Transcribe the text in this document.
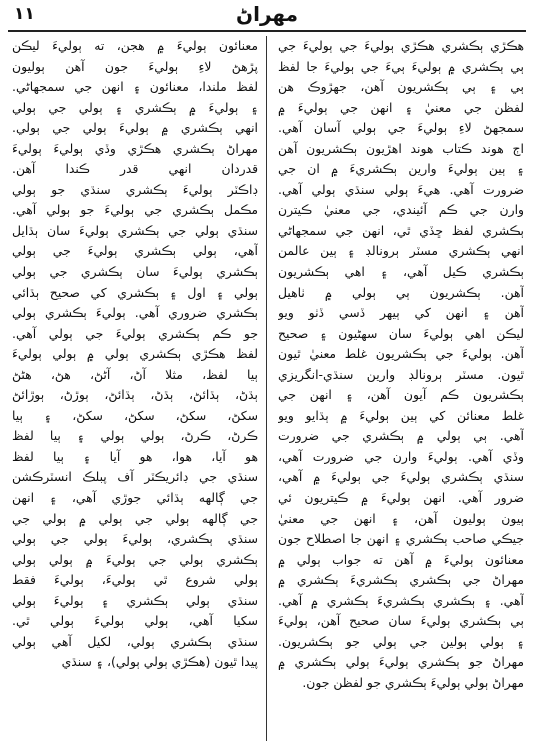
۱۱	مهراڻ
هڪڙي ٻڪشري هڪڙي ٻوليءَ جي ٻوليءَ جي
ٻي ٻڪشري ۾ ٻوليءَ ٻيءَ جي ٻوليءَ جا لفظ
ٻي ۽ ٻي ٻڪشريون آهن، جهڙوڪ هن
لفظن جي معنيٰ ۽ انهن جي ٻوليءَ ۾
سمجهڻ لاءِ ٻوليءَ جي ٻولي آسان آهي.
اڄ هوند ڪتاب هوند اهڙيون ٻڪشريون آهن
۽ ٻين ٻوليءَ وارين ٻڪشريءَ ۾ ان جي
ضرورت آهي. هيءَ ٻولي سنڌي ٻولي آهي.
وارن جي ڪم آئيندي، جي معنيٰ ڪيترن
ٻڪشري لفظ ڇڏي ٿي، انهن جي سمجهاڻي
انهي ٻڪشري مسٽر ٻرونالڊ ۽ ٻين عالمن
ٻڪشري ڪيل آهي، ۽ اهي ٻڪشريون
آهن. ٻڪشريون ٻي ٻولي ۾ ٺاهيل
آهن ۽ انهن کي ٻيهر ڏسي ڏٺو ويو
ليڪن اهي ٻوليءَ سان سهڻيون ۽ صحيح
آهن. ٻوليءَ جي ٻڪشريون غلط معنيٰ ٿيون
ٿيون. مسٽر ٻرونالڊ وارين سنڌي-انگريزي
ٻڪشريون ڪم آيون آهن، ۽ انهن جي
غلط معنائن کي ٻين ٻوليءَ ۾ ٻڌايو ويو
آهي. ٻي ٻولي ۾ ٻڪشري جي ضرورت
وڏي آهي. ٻوليءَ وارن جي ضرورت آهي،
سنڌي ٻڪشري ٻوليءَ جي ٻوليءَ ۾ آهي،
ضرور آهي. انهن ٻوليءَ ۾ ڪيتريون ئي
ٻيون ٻوليون آهن، ۽ انهن جي معنيٰ
جيڪي صاحب ٻڪشري ۽ انهن جا اصطلاح جون
معنائون ٻوليءَ ۾ آهن ته جواب ٻولي ۾
مهراڻ جي ٻڪشري ٻڪشريءَ ٻڪشري ۾
آهي. ۽ ٻڪشري ٻڪشريءَ ٻڪشري ۾ آهي.
ٻي ٻڪشري ٻوليءَ سان صحيح آهن، ٻوليءَ
۽ ٻولي ٻولين جي ٻولي جو ٻڪشريون.
مهراڻ جو ٻڪشري ٻوليءَ ٻولي ٻڪشري ۾
مهراڻ ٻولي ٻوليءَ ٻڪشري جو لفظن جون.
معنائون ٻوليءَ ۾ هجن، ته ٻوليءَ ليڪن
پڙهڻ لاءِ ٻوليءَ جون آهن ٻوليون
لفظ ملندا، معنائون ۽ انهن جي سمجهاڻي.
۽ ٻوليءَ ۾ ٻڪشري ۽ ٻولي جي ٻولي
انهي ٻڪشري ۾ ٻوليءَ ٻولي جي ٻولي.
مهراڻ ٻڪشري هڪڙي وڏي ٻوليءَ ٻوليءَ
قدردان انهي قدر ڪندا آهن.
ڊاڪٽر ٻوليءَ ٻڪشري سنڌي جو ٻولي
مڪمل ٻڪشري جي ٻوليءَ جو ٻولي آهي.
سنڌي ٻولي جي ٻڪشري ٻوليءَ سان ٻڌايل
آهي، ٻولي ٻڪشري ٻوليءَ جي ٻولي
ٻڪشري ٻوليءَ سان ٻڪشري جي ٻولي
ٻولي ۽ اول ۽ ٻڪشري کي صحيح ٻڌائي
ٻڪشري ضروري آهي. ٻوليءَ ٻڪشري ٻولي
جو ڪم ٻڪشري ٻوليءَ جي ٻولي آهي.
لفظ هڪڙي ٻڪشري ٻولي ۾ ٻولي ٻوليءَ
ٻيا لفظ، مثلا آڻ، آڻڻ، هڻ، هڻڻ
ٻڌڻ، ٻڌائڻ، ٻڌڻ، ٻڌائڻ، ٻوڙڻ، ٻوڙائڻ
سکڻ، سکڻ، سکڻ، سکڻ، ۽ ٻيا
ڪرڻ، ڪرڻ، ٻولي ٻولي ۽ ٻيا لفظ
هو آيا، هوا، هو آيا ۽ ٻيا لفظ
سنڌي جي ڊائريڪٽر آف پبلڪ انسٽرڪشن
جي ڳالهه ٻڌائي جوڙي آهي، ۽ انهن
جي ڳالهه ٻولي جي ٻولي ۾ ٻولي جي
سنڌي ٻڪشري، ٻوليءَ ٻولي جي ٻولي
ٻڪشري ٻولي جي ٻوليءَ ۾ ٻولي ٻولي
ٻولي شروع ٿي ٻوليءَ، ٻوليءَ فقط
سنڌي ٻولي ٻڪشري ۽ ٻوليءَ ٻولي
سکيا آهي، ٻولي ٻوليءَ ٻولي ٿي.
سنڌي ٻڪشري ٻولي، لکيل آهي ٻولي
پيدا ٿيون (هڪڙي ٻولي ٻولي)، ۽ سنڌي
